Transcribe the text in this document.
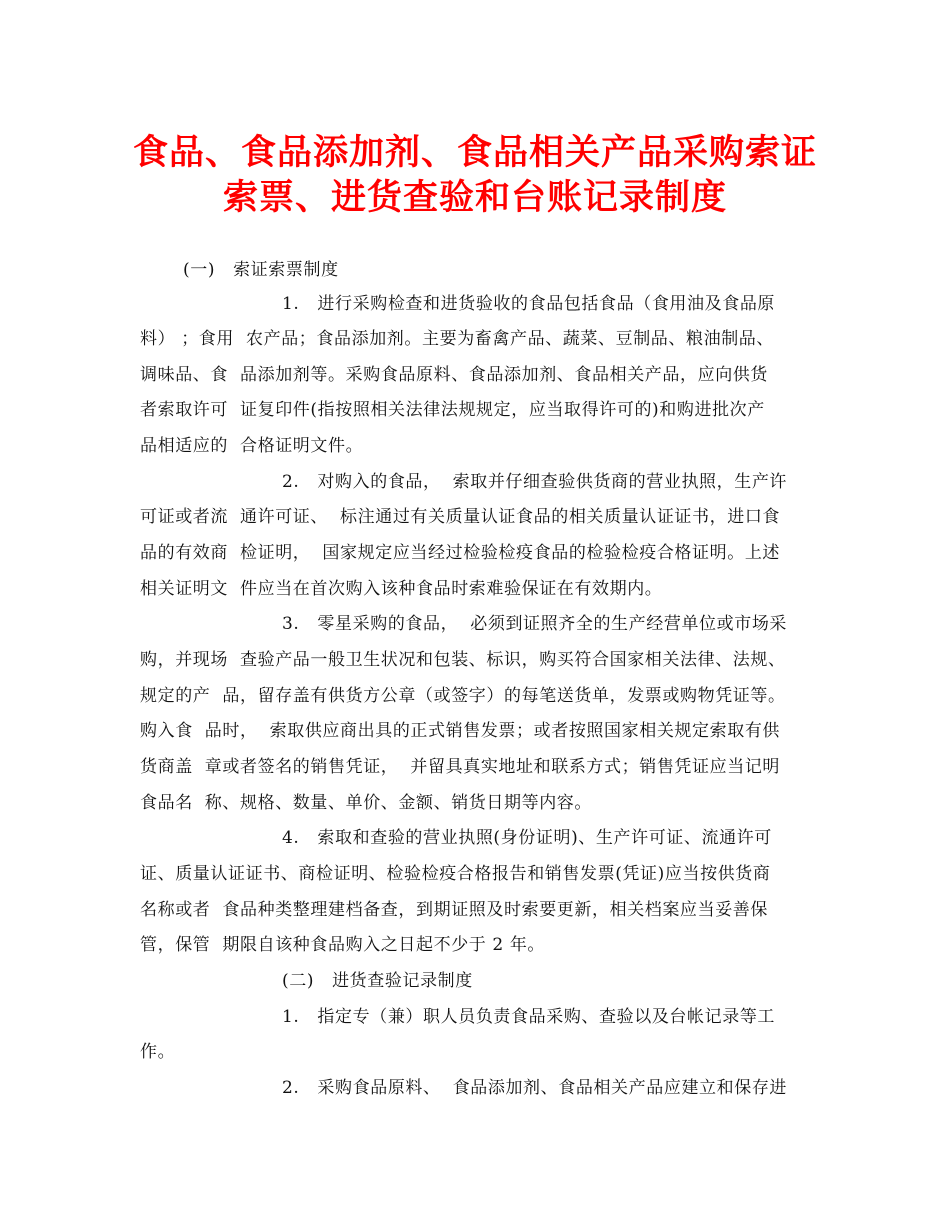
食品、食品添加剂、食品相关产品采购索证
索票、进货查验和台账记录制度
(一)   索证索票制度
1.   进行采购检查和进货验收的食品包括食品（食用油及食品原
料） ；食用  农产品；食品添加剂。主要为畜禽产品、蔬菜、豆制品、粮油制品、
调味品、食  品添加剂等。采购食品原料、食品添加剂、食品相关产品，应向供货
者索取许可  证复印件(指按照相关法律法规规定，应当取得许可的)和购进批次产
品相适应的  合格证明文件。
2.   对购入的食品，  索取并仔细查验供货商的营业执照，生产许
可证或者流  通许可证、  标注通过有关质量认证食品的相关质量认证证书，进口食
品的有效商  检证明，  国家规定应当经过检验检疫食品的检验检疫合格证明。上述
相关证明文  件应当在首次购入该种食品时索难验保证在有效期内。
3.   零星采购的食品，  必须到证照齐全的生产经营单位或市场采
购，并现场  查验产品一般卫生状况和包装、标识，购买符合国家相关法律、法规、
规定的产  品，留存盖有供货方公章（或签字）的每笔送货单，发票或购物凭证等。
购入食  品时，  索取供应商出具的正式销售发票；或者按照国家相关规定索取有供
货商盖  章或者签名的销售凭证，  并留具真实地址和联系方式；销售凭证应当记明
食品名  称、规格、数量、单价、金额、销货日期等内容。
4.   索取和查验的营业执照(身份证明)、生产许可证、流通许可
证、质量认证证书、商检证明、检验检疫合格报告和销售发票(凭证)应当按供货商
名称或者  食品种类整理建档备查，到期证照及时索要更新，相关档案应当妥善保
管，保管  期限自该种食品购入之日起不少于 2 年。
(二)   进货查验记录制度
1.   指定专（兼）职人员负责食品采购、查验以及台帐记录等工
作。
2.   采购食品原料、  食品添加剂、食品相关产品应建立和保存进
